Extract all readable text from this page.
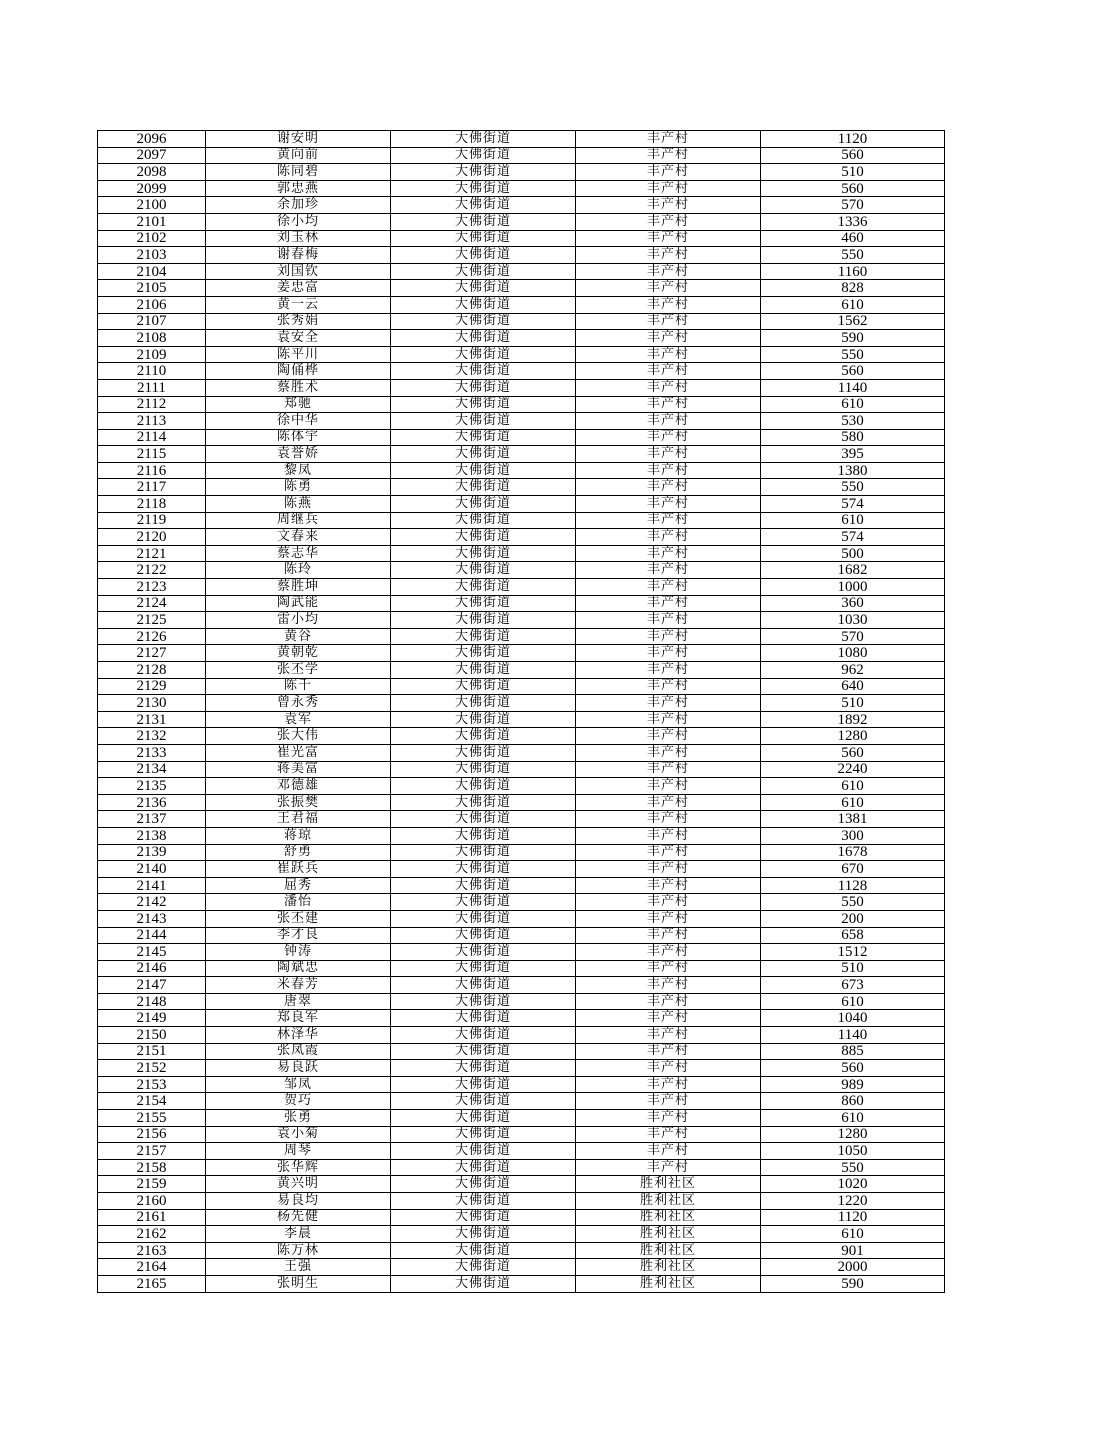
2096	谢安明	大佛街道	丰产村	1120
2097	黄向前	大佛街道	丰产村	560
2098	陈同碧	大佛街道	丰产村	510
2099	郭忠燕	大佛街道	丰产村	560
2100	余加珍	大佛街道	丰产村	570
2101	徐小均	大佛街道	丰产村	1336
2102	刘玉林	大佛街道	丰产村	460
2103	谢春梅	大佛街道	丰产村	550
2104	刘国钦	大佛街道	丰产村	1160
2105	姜忠富	大佛街道	丰产村	828
2106	黄一云	大佛街道	丰产村	610
2107	张秀娟	大佛街道	丰产村	1562
2108	袁安全	大佛街道	丰产村	590
2109	陈平川	大佛街道	丰产村	550
2110	陶俑桦	大佛街道	丰产村	560
2111	蔡胜术	大佛街道	丰产村	1140
2112	郑驰	大佛街道	丰产村	610
2113	徐中华	大佛街道	丰产村	530
2114	陈体宇	大佛街道	丰产村	580
2115	袁誉娇	大佛街道	丰产村	395
2116	黎凤	大佛街道	丰产村	1380
2117	陈勇	大佛街道	丰产村	550
2118	陈燕	大佛街道	丰产村	574
2119	周继兵	大佛街道	丰产村	610
2120	文春来	大佛街道	丰产村	574
2121	蔡志华	大佛街道	丰产村	500
2122	陈玲	大佛街道	丰产村	1682
2123	蔡胜坤	大佛街道	丰产村	1000
2124	陶武能	大佛街道	丰产村	360
2125	雷小均	大佛街道	丰产村	1030
2126	黄谷	大佛街道	丰产村	570
2127	黄朝乾	大佛街道	丰产村	1080
2128	张丕学	大佛街道	丰产村	962
2129	陈千	大佛街道	丰产村	640
2130	曾永秀	大佛街道	丰产村	510
2131	袁军	大佛街道	丰产村	1892
2132	张大伟	大佛街道	丰产村	1280
2133	崔光富	大佛街道	丰产村	560
2134	蒋美富	大佛街道	丰产村	2240
2135	邓德雄	大佛街道	丰产村	610
2136	张振樊	大佛街道	丰产村	610
2137	王君福	大佛街道	丰产村	1381
2138	蒋琼	大佛街道	丰产村	300
2139	舒勇	大佛街道	丰产村	1678
2140	崔跃兵	大佛街道	丰产村	670
2141	屈秀	大佛街道	丰产村	1128
2142	潘怡	大佛街道	丰产村	550
2143	张丕建	大佛街道	丰产村	200
2144	李才良	大佛街道	丰产村	658
2145	钟涛	大佛街道	丰产村	1512
2146	陶斌忠	大佛街道	丰产村	510
2147	米春芳	大佛街道	丰产村	673
2148	唐翠	大佛街道	丰产村	610
2149	郑良军	大佛街道	丰产村	1040
2150	林泽华	大佛街道	丰产村	1140
2151	张凤霞	大佛街道	丰产村	885
2152	易良跃	大佛街道	丰产村	560
2153	邹凤	大佛街道	丰产村	989
2154	贺巧	大佛街道	丰产村	860
2155	张勇	大佛街道	丰产村	610
2156	袁小菊	大佛街道	丰产村	1280
2157	周琴	大佛街道	丰产村	1050
2158	张华辉	大佛街道	丰产村	550
2159	黄兴明	大佛街道	胜利社区	1020
2160	易良均	大佛街道	胜利社区	1220
2161	杨先健	大佛街道	胜利社区	1120
2162	李晨	大佛街道	胜利社区	610
2163	陈万林	大佛街道	胜利社区	901
2164	王强	大佛街道	胜利社区	2000
2165	张明生	大佛街道	胜利社区	590
